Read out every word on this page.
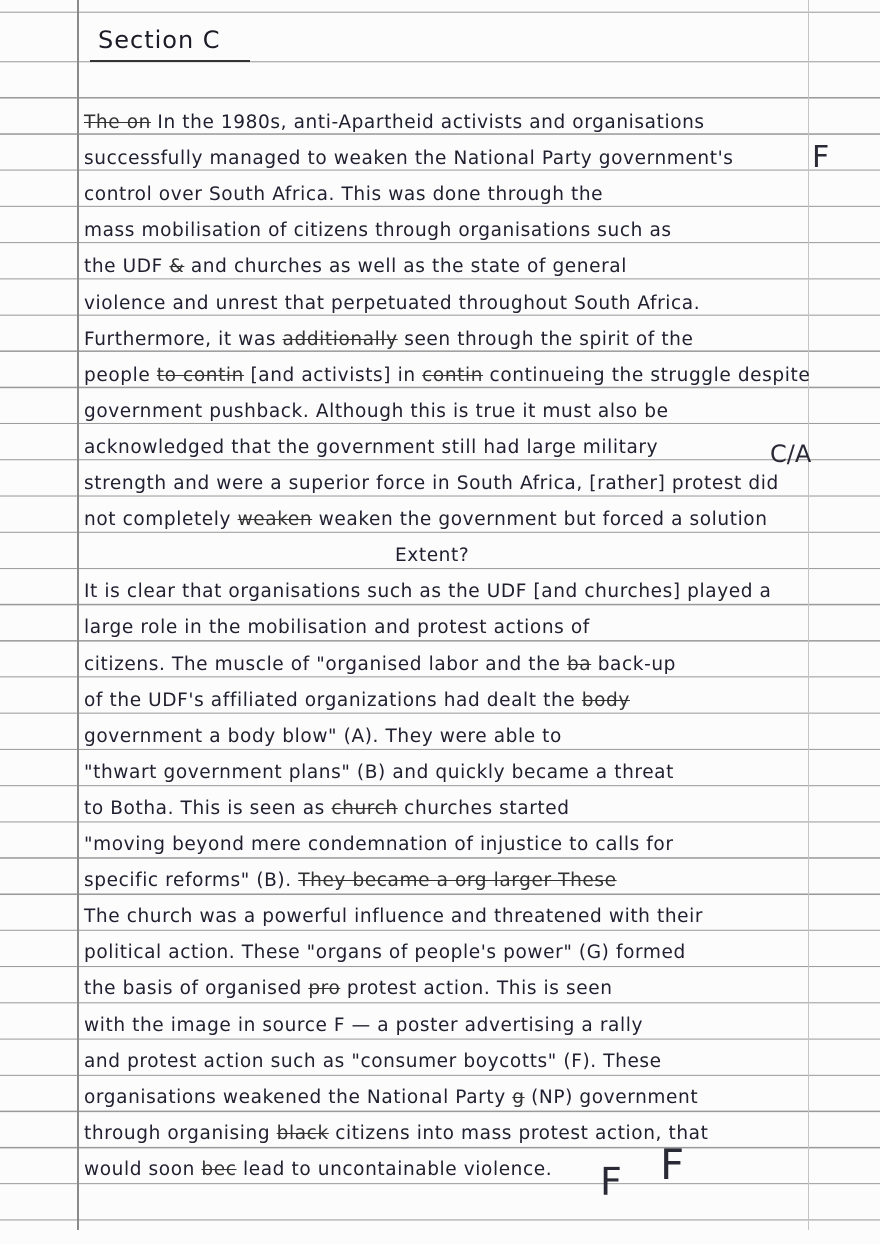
Section C
The on In the 1980s, anti-Apartheid activists and organisations
successfully managed to weaken the National Party government's
control over South Africa. This was done through the
mass mobilisation of citizens through organisations such as
the UDF & and churches as well as the state of general
violence and unrest that perpetuated throughout South Africa.
Furthermore, it was additionally seen through the spirit of the
people to contin [and activists] in contin continueing the struggle despite
government pushback. Although this is true it must also be
acknowledged that the government still had large military
strength and were a superior force in South Africa, [rather] protest did
not completely weaken weaken the government but forced a solution
Extent?
It is clear that organisations such as the UDF [and churches] played a
large role in the mobilisation and protest actions of
citizens. The muscle of "organised labor and the ba back-up
of the UDF's affiliated organizations had dealt the body
government a body blow" (A). They were able to
"thwart government plans" (B) and quickly became a threat
to Botha. This is seen as church churches started
"moving beyond mere condemnation of injustice to calls for
specific reforms" (B). They became a org larger These
The church was a powerful influence and threatened with their
political action. These "organs of people's power" (G) formed
the basis of organised pro protest action. This is seen
with the image in source F — a poster advertising a rally
and protest action such as "consumer boycotts" (F). These
organisations weakened the National Party g (NP) government
through organising black citizens into mass protest action, that
would soon bec lead to uncontainable violence.
F
C/A
F F
